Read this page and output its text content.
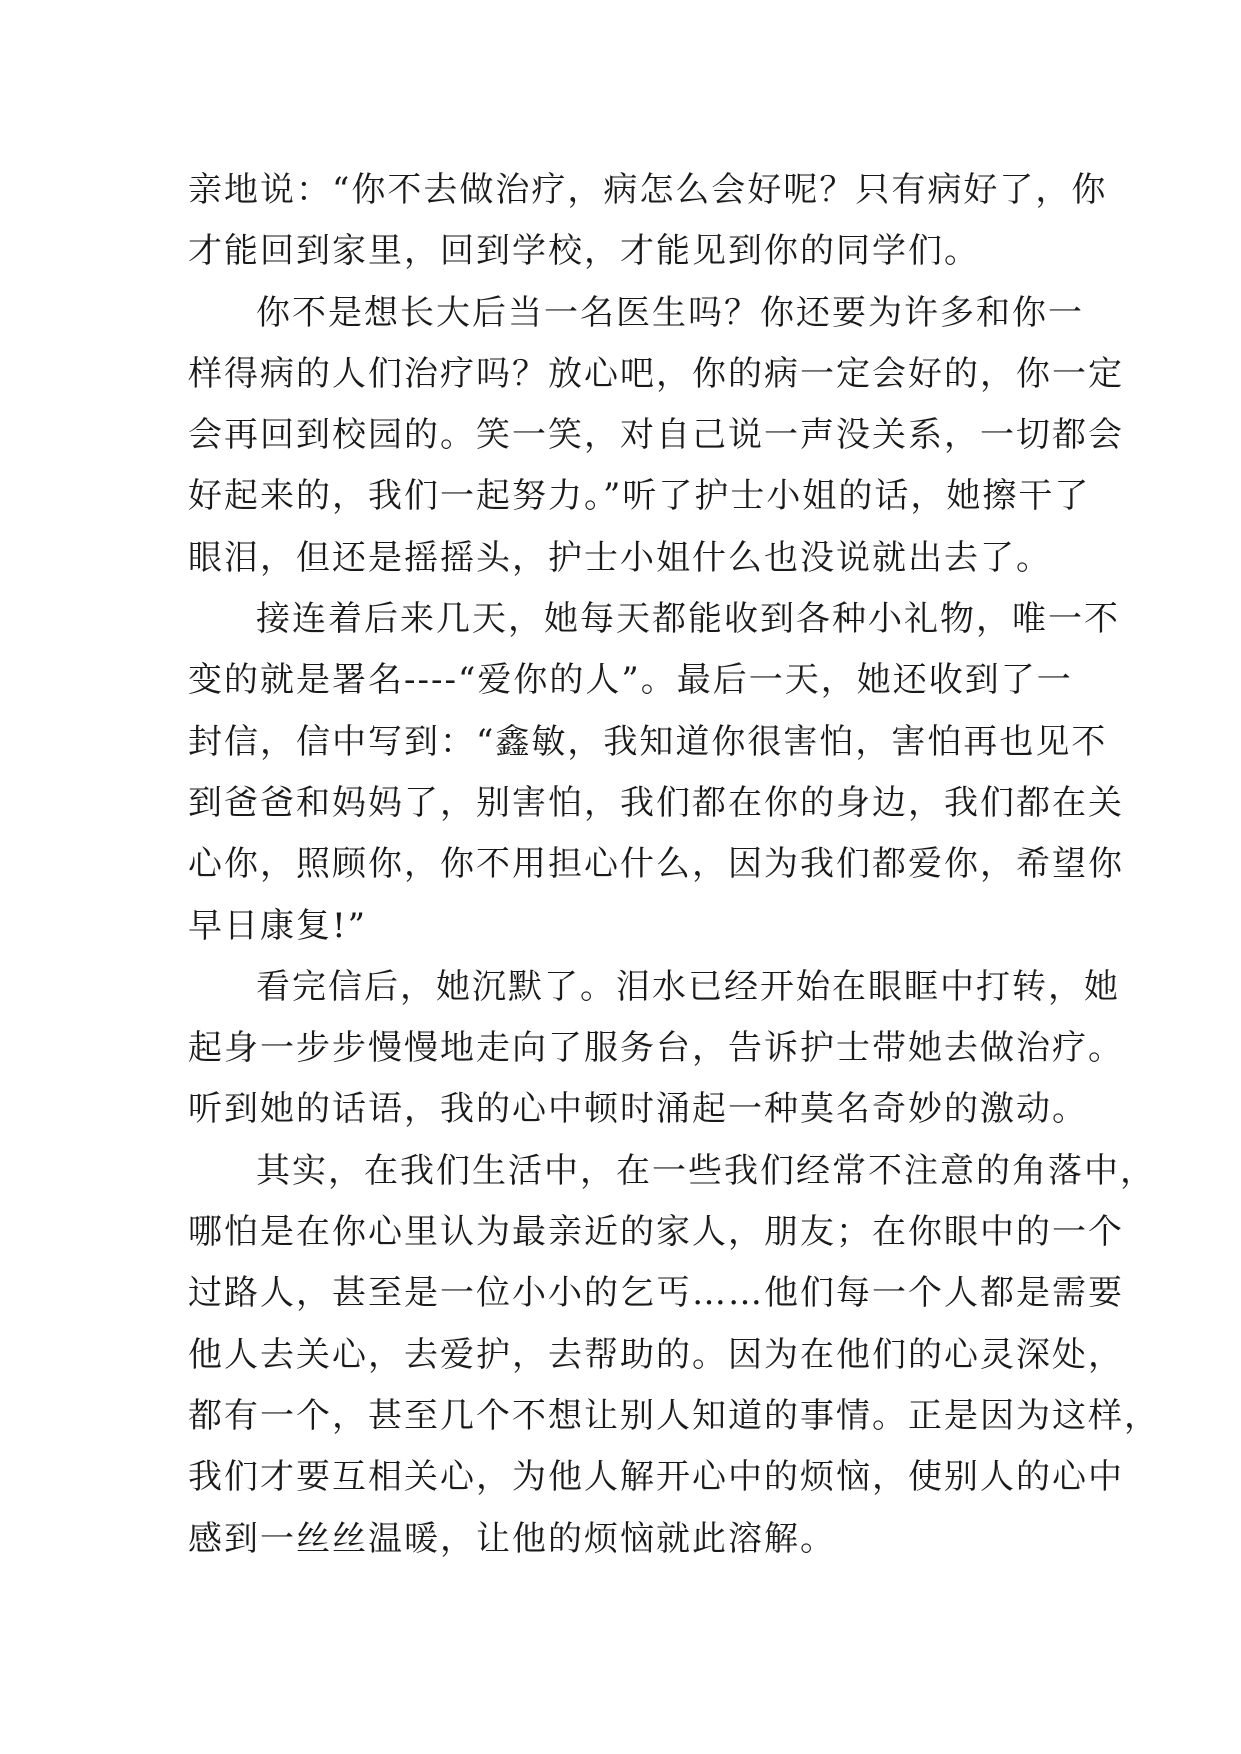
亲地说：“你不去做治疗，病怎么会好呢？只有病好了，你
才能回到家里，回到学校，才能见到你的同学们。
你不是想长大后当一名医生吗？你还要为许多和你一
样得病的人们治疗吗？放心吧，你的病一定会好的，你一定
会再回到校园的。笑一笑，对自己说一声没关系，一切都会
好起来的，我们一起努力。”听了护士小姐的话，她擦干了
眼泪，但还是摇摇头，护士小姐什么也没说就出去了。
接连着后来几天，她每天都能收到各种小礼物，唯一不
变的就是署名----“爱你的人”。最后一天，她还收到了一
封信，信中写到：“鑫敏，我知道你很害怕，害怕再也见不
到爸爸和妈妈了，别害怕，我们都在你的身边，我们都在关
心你，照顾你，你不用担心什么，因为我们都爱你，希望你
早日康复!”
看完信后，她沉默了。泪水已经开始在眼眶中打转，她
起身一步步慢慢地走向了服务台，告诉护士带她去做治疗。
听到她的话语，我的心中顿时涌起一种莫名奇妙的激动。
其实，在我们生活中，在一些我们经常不注意的角落中，
哪怕是在你心里认为最亲近的家人，朋友；在你眼中的一个
过路人，甚至是一位小小的乞丐……他们每一个人都是需要
他人去关心，去爱护，去帮助的。因为在他们的心灵深处，
都有一个，甚至几个不想让别人知道的事情。正是因为这样，
我们才要互相关心，为他人解开心中的烦恼，使别人的心中
感到一丝丝温暖，让他的烦恼就此溶解。
